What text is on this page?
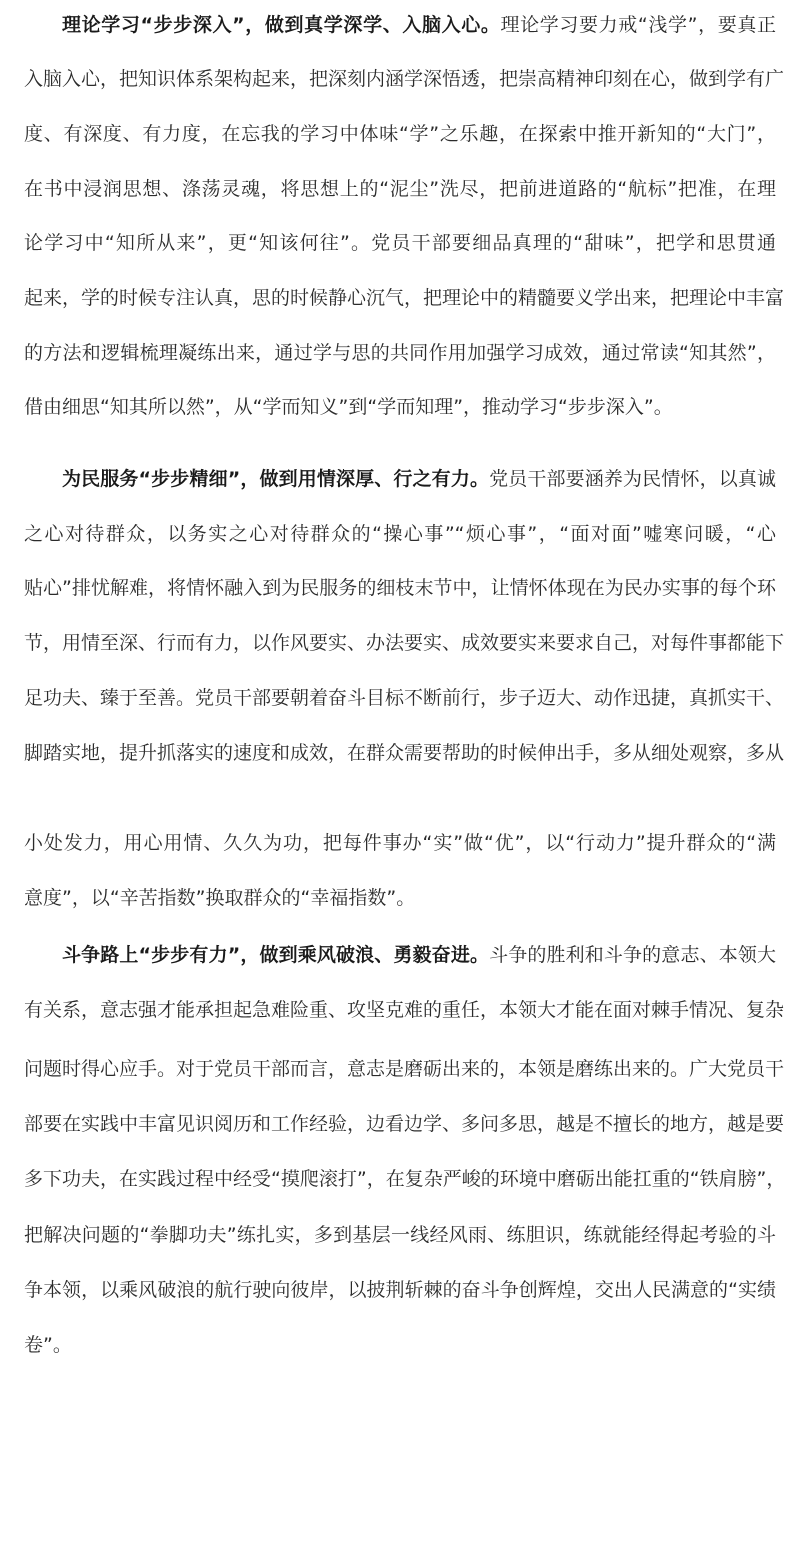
理论学习“步步深入”，做到真学深学、入脑入心。理论学习要力戒“浅学”，要真正
入脑入心，把知识体系架构起来，把深刻内涵学深悟透，把崇高精神印刻在心，做到学有广
度、有深度、有力度，在忘我的学习中体味“学”之乐趣，在探索中推开新知的“大门”，
在书中浸润思想、涤荡灵魂，将思想上的“泥尘”洗尽，把前进道路的“航标”把准，在理
论学习中“知所从来”，更“知该何往”。党员干部要细品真理的“甜味”，把学和思贯通
起来，学的时候专注认真，思的时候静心沉气，把理论中的精髓要义学出来，把理论中丰富
的方法和逻辑梳理凝练出来，通过学与思的共同作用加强学习成效，通过常读“知其然”，
借由细思“知其所以然”，从“学而知义”到“学而知理”，推动学习“步步深入”。
为民服务“步步精细”，做到用情深厚、行之有力。党员干部要涵养为民情怀，以真诚
之心对待群众，以务实之心对待群众的“操心事”“烦心事”，“面对面”嘘寒问暖，“心
贴心”排忧解难，将情怀融入到为民服务的细枝末节中，让情怀体现在为民办实事的每个环
节，用情至深、行而有力，以作风要实、办法要实、成效要实来要求自己，对每件事都能下
足功夫、臻于至善。党员干部要朝着奋斗目标不断前行，步子迈大、动作迅捷，真抓实干、
脚踏实地，提升抓落实的速度和成效，在群众需要帮助的时候伸出手，多从细处观察，多从
小处发力，用心用情、久久为功，把每件事办“实”做“优”，以“行动力”提升群众的“满
意度”，以“辛苦指数”换取群众的“幸福指数”。
斗争路上“步步有力”，做到乘风破浪、勇毅奋进。斗争的胜利和斗争的意志、本领大
有关系，意志强才能承担起急难险重、攻坚克难的重任，本领大才能在面对棘手情况、复杂
问题时得心应手。对于党员干部而言，意志是磨砺出来的，本领是磨练出来的。广大党员干
部要在实践中丰富见识阅历和工作经验，边看边学、多问多思，越是不擅长的地方，越是要
多下功夫，在实践过程中经受“摸爬滚打”，在复杂严峻的环境中磨砺出能扛重的“铁肩膀”，
把解决问题的“拳脚功夫”练扎实，多到基层一线经风雨、练胆识，练就能经得起考验的斗
争本领，以乘风破浪的航行驶向彼岸，以披荆斩棘的奋斗争创辉煌，交出人民满意的“实绩
卷”。
